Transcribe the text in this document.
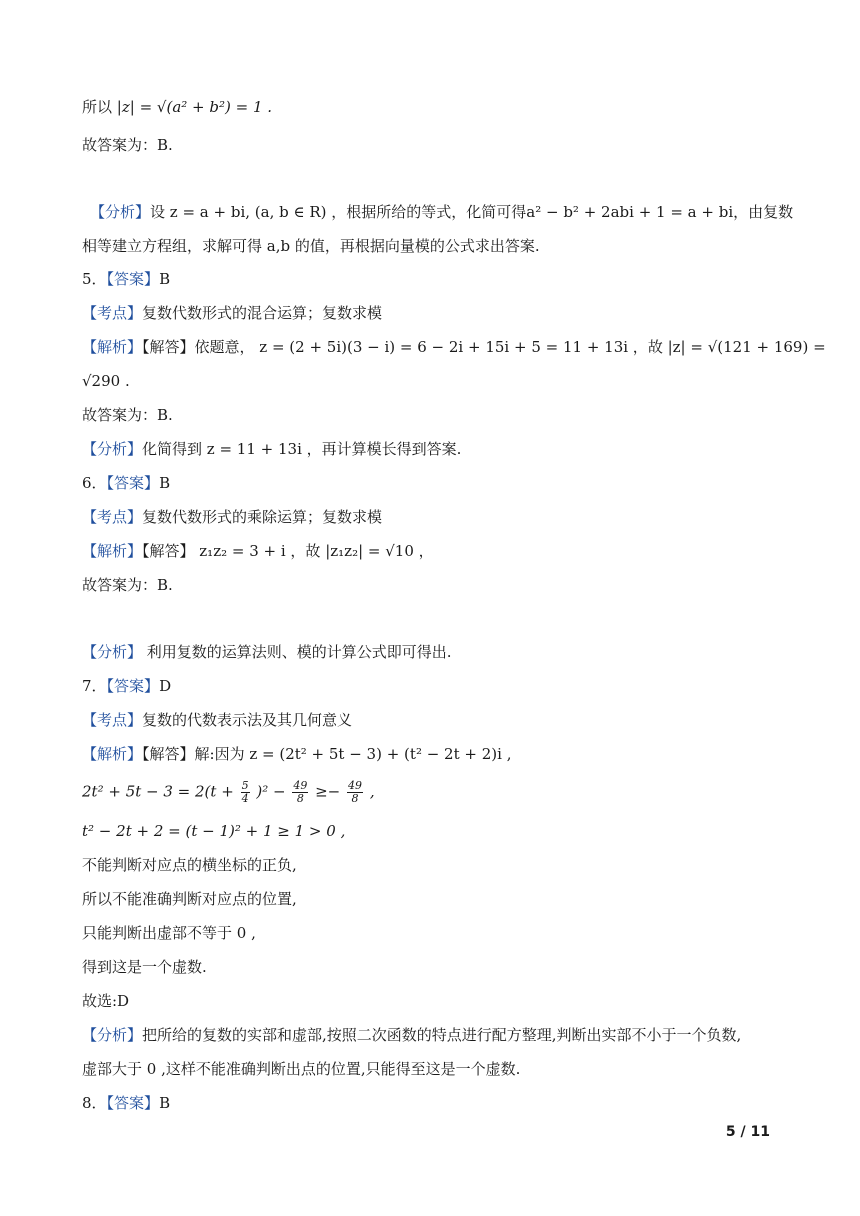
所以 |z| = √(a² + b²) = 1 .
故答案为：B.
【分析】设 z = a + bi, (a, b ∈ R) ，根据所给的等式，化简可得a² − b² + 2abi + 1 = a + bi，由复数
相等建立方程组，求解可得 a,b 的值，再根据向量模的公式求出答案.
5．【答案】B
【考点】复数代数形式的混合运算；复数求模
【解析】【解答】依题意， z = (2 + 5i)(3 − i) = 6 − 2i + 15i + 5 = 11 + 13i ，故 |z| = √(121 + 169) =
√290 .
故答案为：B.
【分析】化简得到 z = 11 + 13i ，再计算模长得到答案.
6．【答案】B
【考点】复数代数形式的乘除运算；复数求模
【解析】【解答】 z₁z₂ = 3 + i ，故 |z₁z₂| = √10 ，
故答案为：B.
【分析】 利用复数的运算法则、模的计算公式即可得出.
7．【答案】D
【考点】复数的代数表示法及其几何意义
【解析】【解答】解:因为 z = (2t² + 5t − 3) + (t² − 2t + 2)i ,
$2t^2 + 5t - 3 = 2(t + \frac{5}{4} )^2 - \frac{49}{8} \ge- \frac{49}{8}$ ,
t² − 2t + 2 = (t − 1)² + 1 ≥ 1 > 0 ,
不能判断对应点的横坐标的正负,
所以不能准确判断对应点的位置,
只能判断出虚部不等于 0 ,
得到这是一个虚数.
故选:D
【分析】把所给的复数的实部和虚部,按照二次函数的特点进行配方整理,判断出实部不小于一个负数,
虚部大于 0 ,这样不能准确判断出点的位置,只能得至这是一个虚数.
8．【答案】B
5 / 11
